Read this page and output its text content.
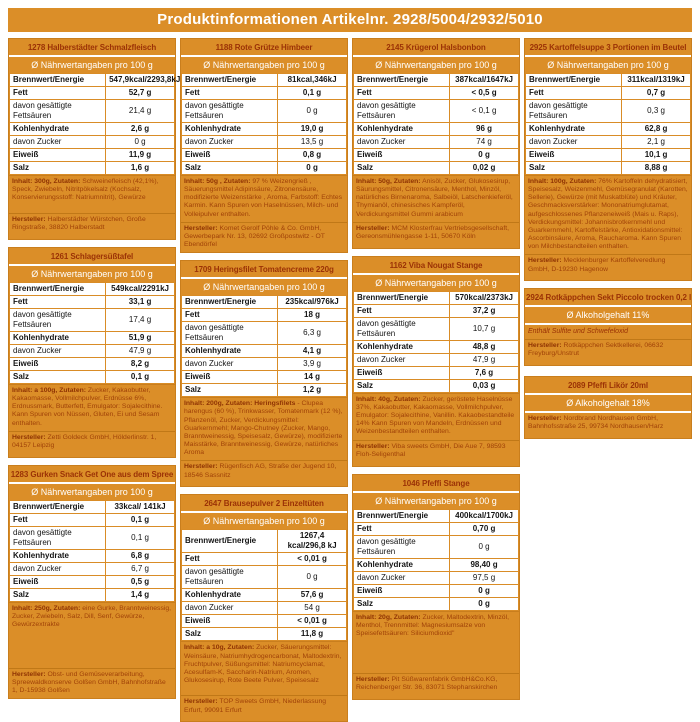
Produktinformationen Artikelnr. 2928/5004/2932/5010
1278 Halberstädter Schmalzfleisch
Ø Nährwertangaben pro 100 g
Brennwert/Energie	547,9kcal/2293,8kJ
Fett	52,7 g
davon gesättigte Fettsäuren	21,4 g
Kohlenhydrate	2,6 g
davon Zucker	0 g
Eiweiß	11,9 g
Salz	1,6 g
Inhalt: 300g, Zutaten: Schweinefleisch (42,1%), Speck, Zwiebeln, Nitritpökelsalz (Kochsalz, Konservierungsstoff: Natriumnitrit), Gewürze
Hersteller: Halberstädter Würstchen, Große Ringstraße, 38820 Halberstadt
1261 Schlagersüßtafel
Ø Nährwertangaben pro 100 g
Brennwert/Energie	549kcal/2291kJ
Fett	33,1 g
davon gesättigte Fettsäuren	17,4 g
Kohlenhydrate	51,9 g
davon Zucker	47,9 g
Eiweiß	8,2 g
Salz	0,1 g
Inhalt: a 100g, Zutaten: Zucker, Kakaobutter, Kakaomasse, Vollmilchpulver, Erdnüsse 6%, Erdnussmark, Butterfett, Emulgator: Sojalecithine. Kann Spuren von Nüssen, Gluten, Ei und Sesam enthalten.
Hersteller: Zetti Goldeck GmbH, Hölderlinstr. 1, 04157 Leipzig
1283 Gurken Snack Get One aus dem Spree
Ø Nährwertangaben pro 100 g
Brennwert/Energie	33kcal/ 141kJ
Fett	0,1 g
davon gesättigte Fettsäuren	0,1 g
Kohlenhydrate	6,8 g
davon Zucker	6,7 g
Eiweiß	0,5 g
Salz	1,4 g
Inhalt: 250g, Zutaten: eine Gurke, Branntweinessig, Zucker, Zwiebeln, Salz, Dill, Senf, Gewürze, Gewürzextrakte
Hersteller: Obst- und Gemüseverarbeitung, Spreewaldkonserve Golßen GmbH, Bahnhofstraße 1, D-15938 Golßen
1188 Rote Grütze Himbeer
Ø Nährwertangaben pro 100 g
Brennwert/Energie	81kcal,346kJ
Fett	0,1 g
davon gesättigte Fettsäuren	0 g
Kohlenhydrate	19,0 g
davon Zucker	13,5 g
Eiweiß	0,8 g
Salz	0 g
Inhalt: 50g , Zutaten: 97 % Weizengrieß , Säuerungsmittel Adipinsäure, Zitronensäure, modifizierte Weizenstärke , Aroma, Farbstoff: Echtes Karmin. Kann Spuren von Haselnüssen, Milch- und Volleipulver enthalten.
Hersteller: Komet Gerolf Pöhle & Co. GmbH, Gewerbepark Nr. 13, 02692 Großpostwitz - OT Ebendörfel
1709 Heringsfilet Tomatencreme 220g
Ø Nährwertangaben pro 100 g
Brennwert/Energie	235kcal/976kJ
Fett	18 g
davon gesättigte Fettsäuren	6,3 g
Kohlenhydrate	4,1 g
davon Zucker	3,9 g
Eiweiß	14 g
Salz	1,2 g
Inhalt: 200g, Zutaten: Heringsfilets - Clupea harengus (60 %), Trinkwasser, Tomatenmark (12 %), Pflanzenöl, Zucker, Verdickungsmittel: Guarkernmehl; Mango-Chutney (Zucker, Mango, Branntweinessig, Speisesalz, Gewürze), modifizierte Maisstärke, Branntweinessig, Gewürze, natürliches Aroma
Hersteller: Rügenfisch AG, Straße der Jugend 10, 18546 Sassnitz
2647 Brausepulver 2 Einzeltüten
Ø Nährwertangaben pro 100 g
Brennwert/Energie	1267,4 kcal/296,8 kJ
Fett	< 0,01 g
davon gesättigte Fettsäuren	0 g
Kohlenhydrate	57,6 g
davon Zucker	54 g
Eiweiß	< 0,01 g
Salz	11,8 g
Inhalt: a 10g, Zutaten: Zucker, Säuerungsmittel: Weinsäure, Natriumhydrogencarbonat, Maltodextrin, Fruchtpulver, Süßungsmittel: Natriumcyclamat, Acesulfam-K, Saccharin-Natrium, Aromen, Glukosesirup, Rote Beete Pulver, Speisesalz
Hersteller: TOP Sweets GmbH, Niederlassung Erfurt, 99091 Erfurt
2145 Krügerol Halsbonbon
Ø Nährwertangaben pro 100 g
Brennwert/Energie	387kcal/1647kJ
Fett	< 0,5 g
davon gesättigte Fettsäuren	< 0,1 g
Kohlenhydrate	96 g
davon Zucker	74 g
Eiweiß	0 g
Salz	0,02 g
Inhalt: 50g, Zutaten: Anisöl, Zucker, Glukosesirup, Säurungsmittel, Citronensäure, Menthol, Minzöl, natürliches Birnenaroma, Salbeiöl, Latschenkieferöl, Thymianöl, chinesisches Kampferöl, Verdickungsmittel Gummi arabicum
Hersteller: MCM Klosterfrau Vertriebsgesellschaft, Gereonsmühlengasse 1-11, 50670 Köln
1162 Viba Nougat Stange
Ø Nährwertangaben pro 100 g
Brennwert/Energie	570kcal/2373kJ
Fett	37,2 g
davon gesättigte Fettsäuren	10,7 g
Kohlenhydrate	48,8 g
davon Zucker	47,9 g
Eiweiß	7,6 g
Salz	0,03 g
Inhalt: 40g, Zutaten: Zucker, geröstete Haselnüsse 37%, Kakaobutter, Kakaomasse, Vollmilchpulver, Emulgator: Sojalecithine, Vanillin. Kakaobestandteile 14% Kann Spuren von Mandeln, Erdnüssen und Weizenbestandteilen enthalten.
Hersteller: Viba sweets GmbH, Die Aue 7, 98593 Floh-Seligenthal
1046 Pfeffi Stange
Ø Nährwertangaben pro 100 g
Brennwert/Energie	400kcal/1700kJ
Fett	0,70 g
davon gesättigte Fettsäuren	0 g
Kohlenhydrate	98,40 g
davon Zucker	97,5 g
Eiweiß	0 g
Salz	0 g
Inhalt: 20g, Zutaten: Zucker, Maltodextrin, Minzöl, Menthol, Trennmittel: Magnesiumsalze von Speisefettsäuren: Siliciumdioxid"
Hersteller: Pit Süßwarenfabrik GmbH&Co.KG, Reichenberger Str. 36, 83071 Stephanskirchen
2925 Kartoffelsuppe 3 Portionen im Beutel
Ø Nährwertangaben pro 100 g
Brennwert/Energie	311kcal/1319kJ
Fett	0,7 g
davon gesättigte Fettsäuren	0,3 g
Kohlenhydrate	62,8 g
davon Zucker	2,1 g
Eiweiß	10,1 g
Salz	8,88 g
Inhalt: 100g, Zutaten: 76% Kartoffeln dehydratisiert, Speisesalz, Weizenmehl, Gemüsegranulat (Karotten, Sellerie), Gewürze (mit Muskatblüte) und Kräuter, Geschmacksverstärker: Mononatriumglutamat, aufgeschlossenes Pflanzeneiweiß (Mais u. Raps), Verdickungsmittel: Johannisbrotkernmehl und Guarkernmehl, Kartoffelstärke, Antioxidationsmittel: Ascorbinsäure, Aroma, Raucharoma. Kann Spuren von Milchbestandteilen enthalten.
Hersteller: Mecklenburger Kartoffelveredlung GmbH, D-19230 Hagenow
2924 Rotkäppchen Sekt Piccolo trocken 0,2 l
Ø Alkoholgehalt 11%
Enthält Sulfite und Schwefeloxid
Hersteller: Rotkäppchen Sektkellerei, 06632 Freyburg/Unstrut
2089 Pfeffi Likör 20ml
Ø Alkoholgehalt 18%
Hersteller: Nordbrand Nordhausen GmbH, Bahnhofsstraße 25, 99734 Nordhausen/Harz
